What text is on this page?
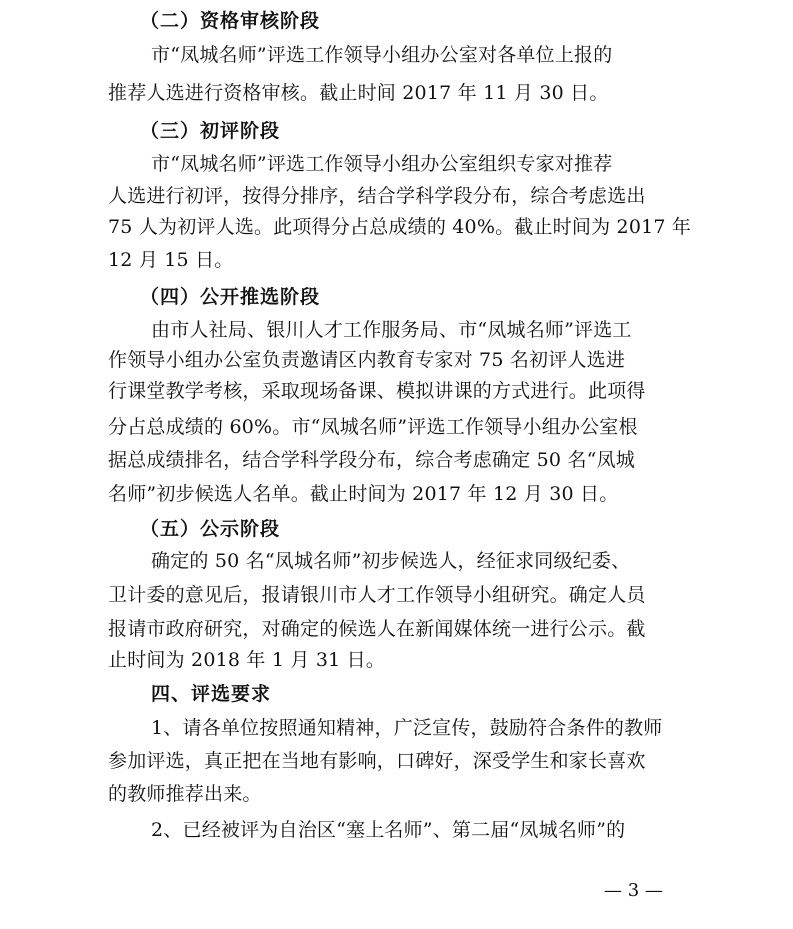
（二）资格审核阶段
市“凤城名师”评选工作领导小组办公室对各单位上报的
推荐人选进行资格审核。截止时间 2017 年 11 月 30 日。
（三）初评阶段
市“凤城名师”评选工作领导小组办公室组织专家对推荐
人选进行初评，按得分排序，结合学科学段分布，综合考虑选出
75 人为初评人选。此项得分占总成绩的 40%。截止时间为 2017 年
12 月 15 日。
（四）公开推选阶段
由市人社局、银川人才工作服务局、市“凤城名师”评选工
作领导小组办公室负责邀请区内教育专家对 75 名初评人选进
行课堂教学考核，采取现场备课、模拟讲课的方式进行。此项得
分占总成绩的 60%。市“凤城名师”评选工作领导小组办公室根
据总成绩排名，结合学科学段分布，综合考虑确定 50 名“凤城
名师”初步候选人名单。截止时间为 2017 年 12 月 30 日。
（五）公示阶段
确定的 50 名“凤城名师”初步候选人，经征求同级纪委、
卫计委的意见后，报请银川市人才工作领导小组研究。确定人员
报请市政府研究，对确定的候选人在新闻媒体统一进行公示。截
止时间为 2018 年 1 月 31 日。
四、评选要求
1、请各单位按照通知精神，广泛宣传，鼓励符合条件的教师
参加评选，真正把在当地有影响，口碑好，深受学生和家长喜欢
的教师推荐出来。
2、已经被评为自治区“塞上名师”、第二届“凤城名师”的
— 3 —
